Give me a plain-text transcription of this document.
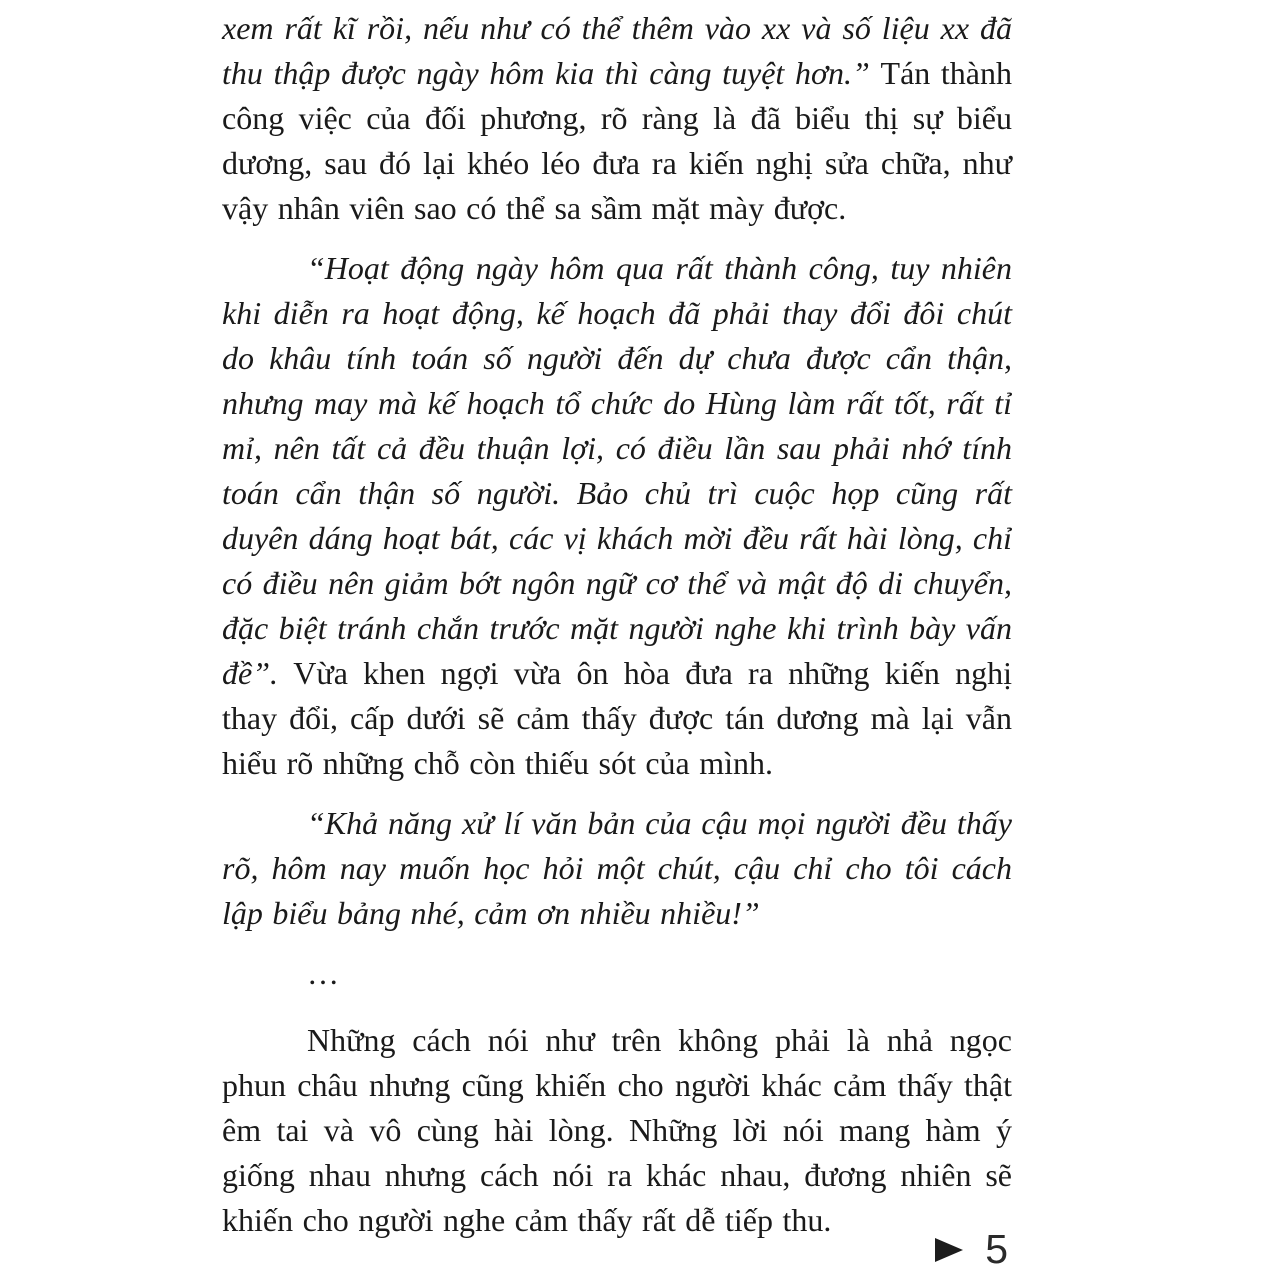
xem rất kĩ rồi, nếu như có thể thêm vào xx và số liệu xx đã thu thập được ngày hôm kia thì càng tuyệt hơn.” Tán thành công việc của đối phương, rõ ràng là đã biểu thị sự biểu dương, sau đó lại khéo léo đưa ra kiến nghị sửa chữa, như vậy nhân viên sao có thể sa sầm mặt mày được.

“Hoạt động ngày hôm qua rất thành công, tuy nhiên khi diễn ra hoạt động, kế hoạch đã phải thay đổi đôi chút do khâu tính toán số người đến dự chưa được cẩn thận, nhưng may mà kế hoạch tổ chức do Hùng làm rất tốt, rất tỉ mỉ, nên tất cả đều thuận lợi, có điều lần sau phải nhớ tính toán cẩn thận số người. Bảo chủ trì cuộc họp cũng rất duyên dáng hoạt bát, các vị khách mời đều rất hài lòng, chỉ có điều nên giảm bớt ngôn ngữ cơ thể và mật độ di chuyển, đặc biệt tránh chắn trước mặt người nghe khi trình bày vấn đề”. Vừa khen ngợi vừa ôn hòa đưa ra những kiến nghị thay đổi, cấp dưới sẽ cảm thấy được tán dương mà lại vẫn hiểu rõ những chỗ còn thiếu sót của mình.

“Khả năng xử lí văn bản của cậu mọi người đều thấy rõ, hôm nay muốn học hỏi một chút, cậu chỉ cho tôi cách lập biểu bảng nhé, cảm ơn nhiều nhiều!”

…

Những cách nói như trên không phải là nhả ngọc phun châu nhưng cũng khiến cho người khác cảm thấy thật êm tai và vô cùng hài lòng. Những lời nói mang hàm ý giống nhau nhưng cách nói ra khác nhau, đương nhiên sẽ khiến cho người nghe cảm thấy rất dễ tiếp thu.

5
